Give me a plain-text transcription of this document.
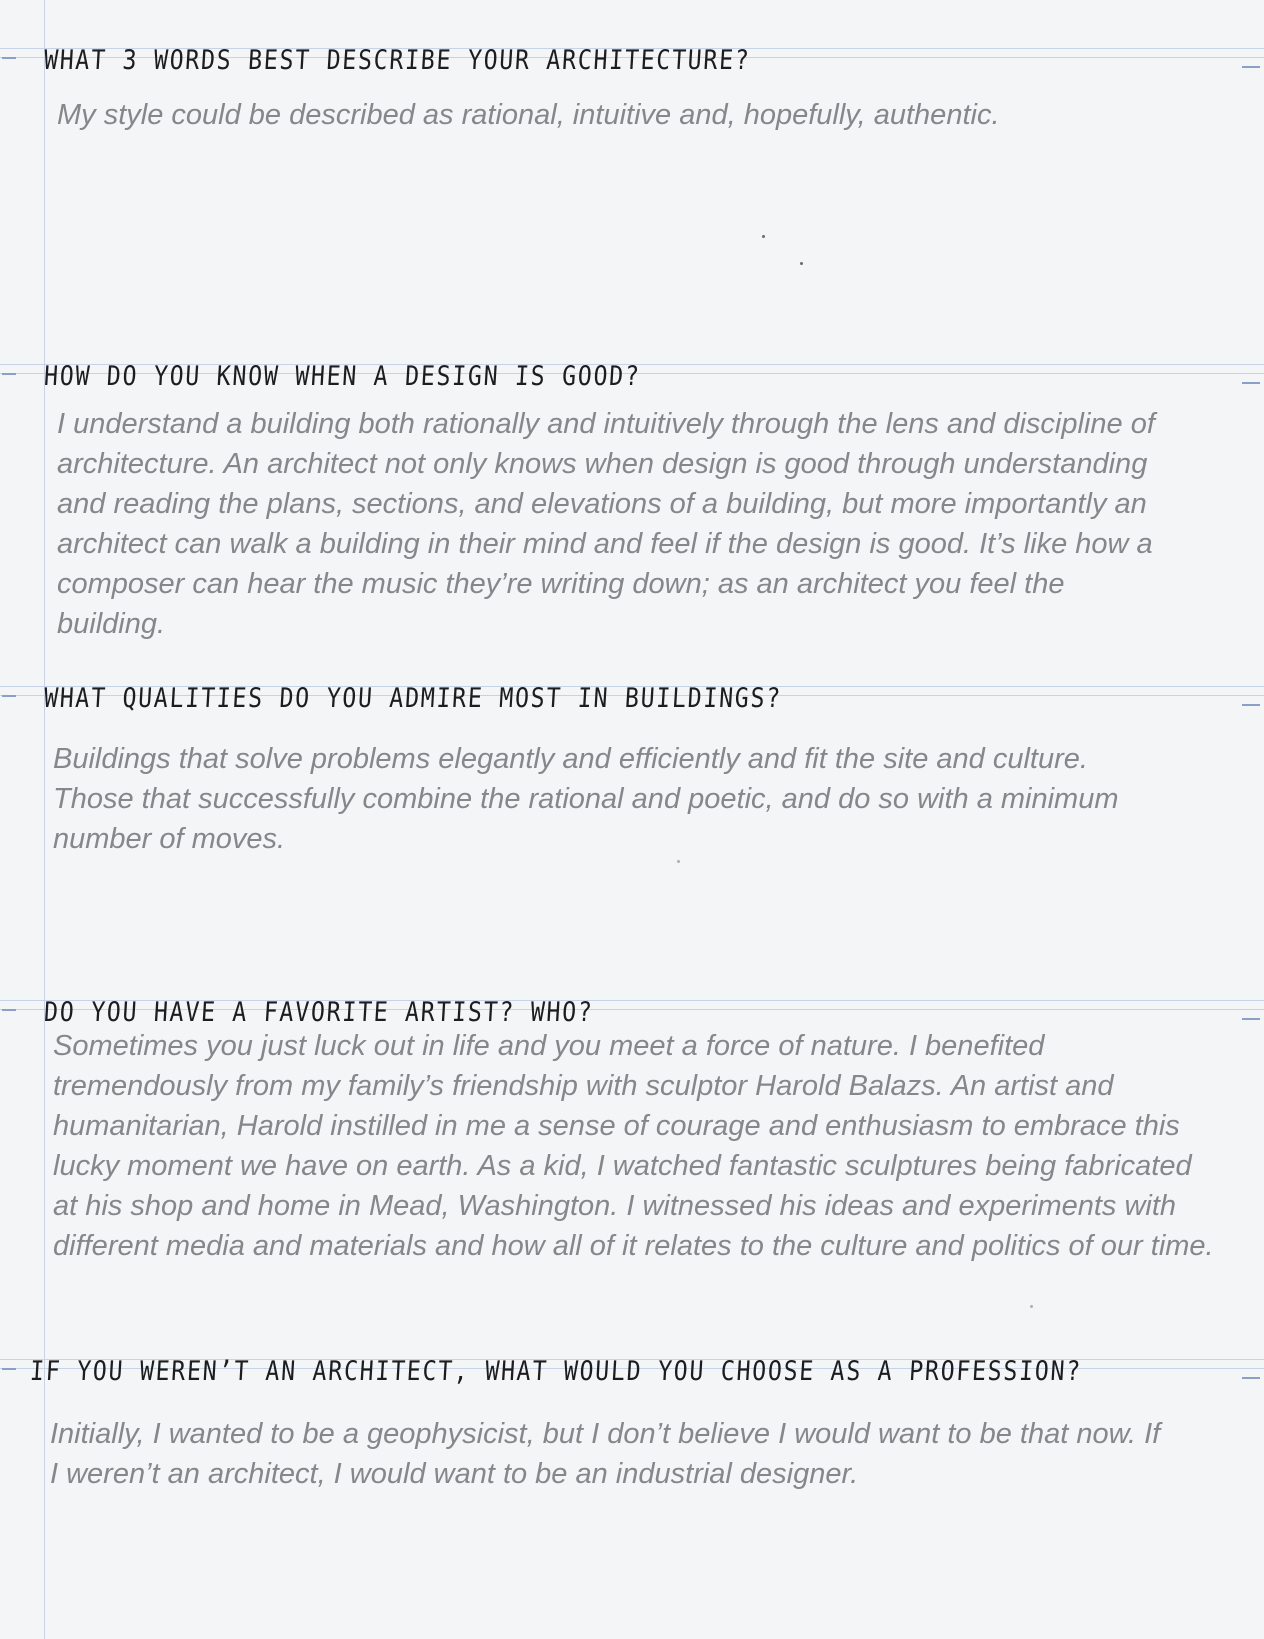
WHAT 3 WORDS BEST DESCRIBE YOUR ARCHITECTURE?

My style could be described as rational, intuitive and, hopefully, authentic.

HOW DO YOU KNOW WHEN A DESIGN IS GOOD?

I understand a building both rationally and intuitively through the lens and discipline of architecture. An architect not only knows when design is good through understanding and reading the plans, sections, and elevations of a building, but more importantly an architect can walk a building in their mind and feel if the design is good. It’s like how a composer can hear the music they’re writing down; as an architect you feel the building.

WHAT QUALITIES DO YOU ADMIRE MOST IN BUILDINGS?

Buildings that solve problems elegantly and efficiently and fit the site and culture. Those that successfully combine the rational and poetic, and do so with a minimum number of moves.

DO YOU HAVE A FAVORITE ARTIST? WHO?

Sometimes you just luck out in life and you meet a force of nature. I benefited tremendously from my family’s friendship with sculptor Harold Balazs. An artist and humanitarian, Harold instilled in me a sense of courage and enthusiasm to embrace this lucky moment we have on earth. As a kid, I watched fantastic sculptures being fabricated at his shop and home in Mead, Washington. I witnessed his ideas and experiments with different media and materials and how all of it relates to the culture and politics of our time.

IF YOU WEREN’T AN ARCHITECT, WHAT WOULD YOU CHOOSE AS A PROFESSION?

Initially, I wanted to be a geophysicist, but I don’t believe I would want to be that now. If I weren’t an architect, I would want to be an industrial designer.
